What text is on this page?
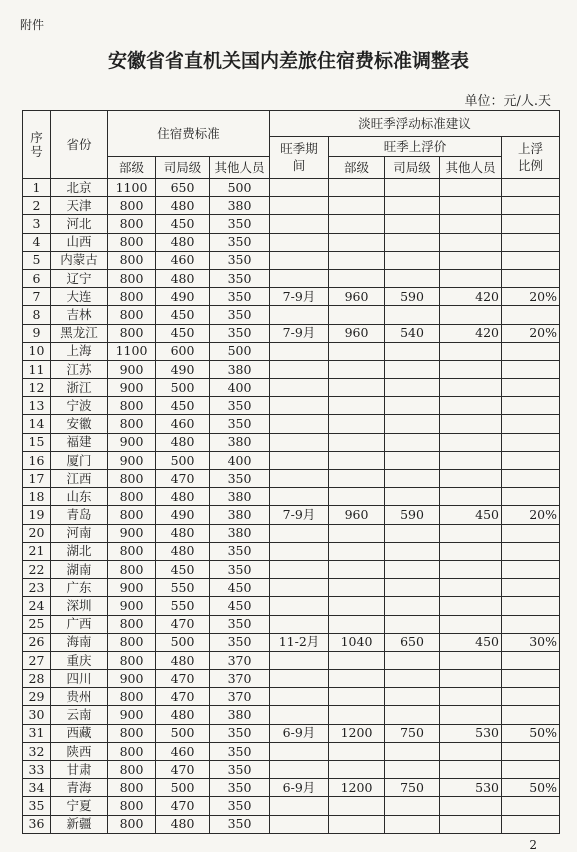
附件
安徽省省直机关国内差旅住宿费标准调整表
单位：元/人.天
序号	省份	住宿费标准			淡旺季浮动标准建议				
					旺季期间	旺季上浮价			上浮比例
		部级	司局级	其他人员		部级	司局级	其他人员	
1	北京	1100	650	500					
2	天津	800	480	380					
3	河北	800	450	350					
4	山西	800	480	350					
5	内蒙古	800	460	350					
6	辽宁	800	480	350					
7	大连	800	490	350	7-9月	960	590	420	20%
8	吉林	800	450	350					
9	黑龙江	800	450	350	7-9月	960	540	420	20%
10	上海	1100	600	500					
11	江苏	900	490	380					
12	浙江	900	500	400					
13	宁波	800	450	350					
14	安徽	800	460	350					
15	福建	900	480	380					
16	厦门	900	500	400					
17	江西	800	470	350					
18	山东	800	480	380					
19	青岛	800	490	380	7-9月	960	590	450	20%
20	河南	900	480	380					
21	湖北	800	480	350					
22	湖南	800	450	350					
23	广东	900	550	450					
24	深圳	900	550	450					
25	广西	800	470	350					
26	海南	800	500	350	11-2月	1040	650	450	30%
27	重庆	800	480	370					
28	四川	900	470	370					
29	贵州	800	470	370					
30	云南	900	480	380					
31	西藏	800	500	350	6-9月	1200	750	530	50%
32	陕西	800	460	350					
33	甘肃	800	470	350					
34	青海	800	500	350	6-9月	1200	750	530	50%
35	宁夏	800	470	350					
36	新疆	800	480	350					
2
